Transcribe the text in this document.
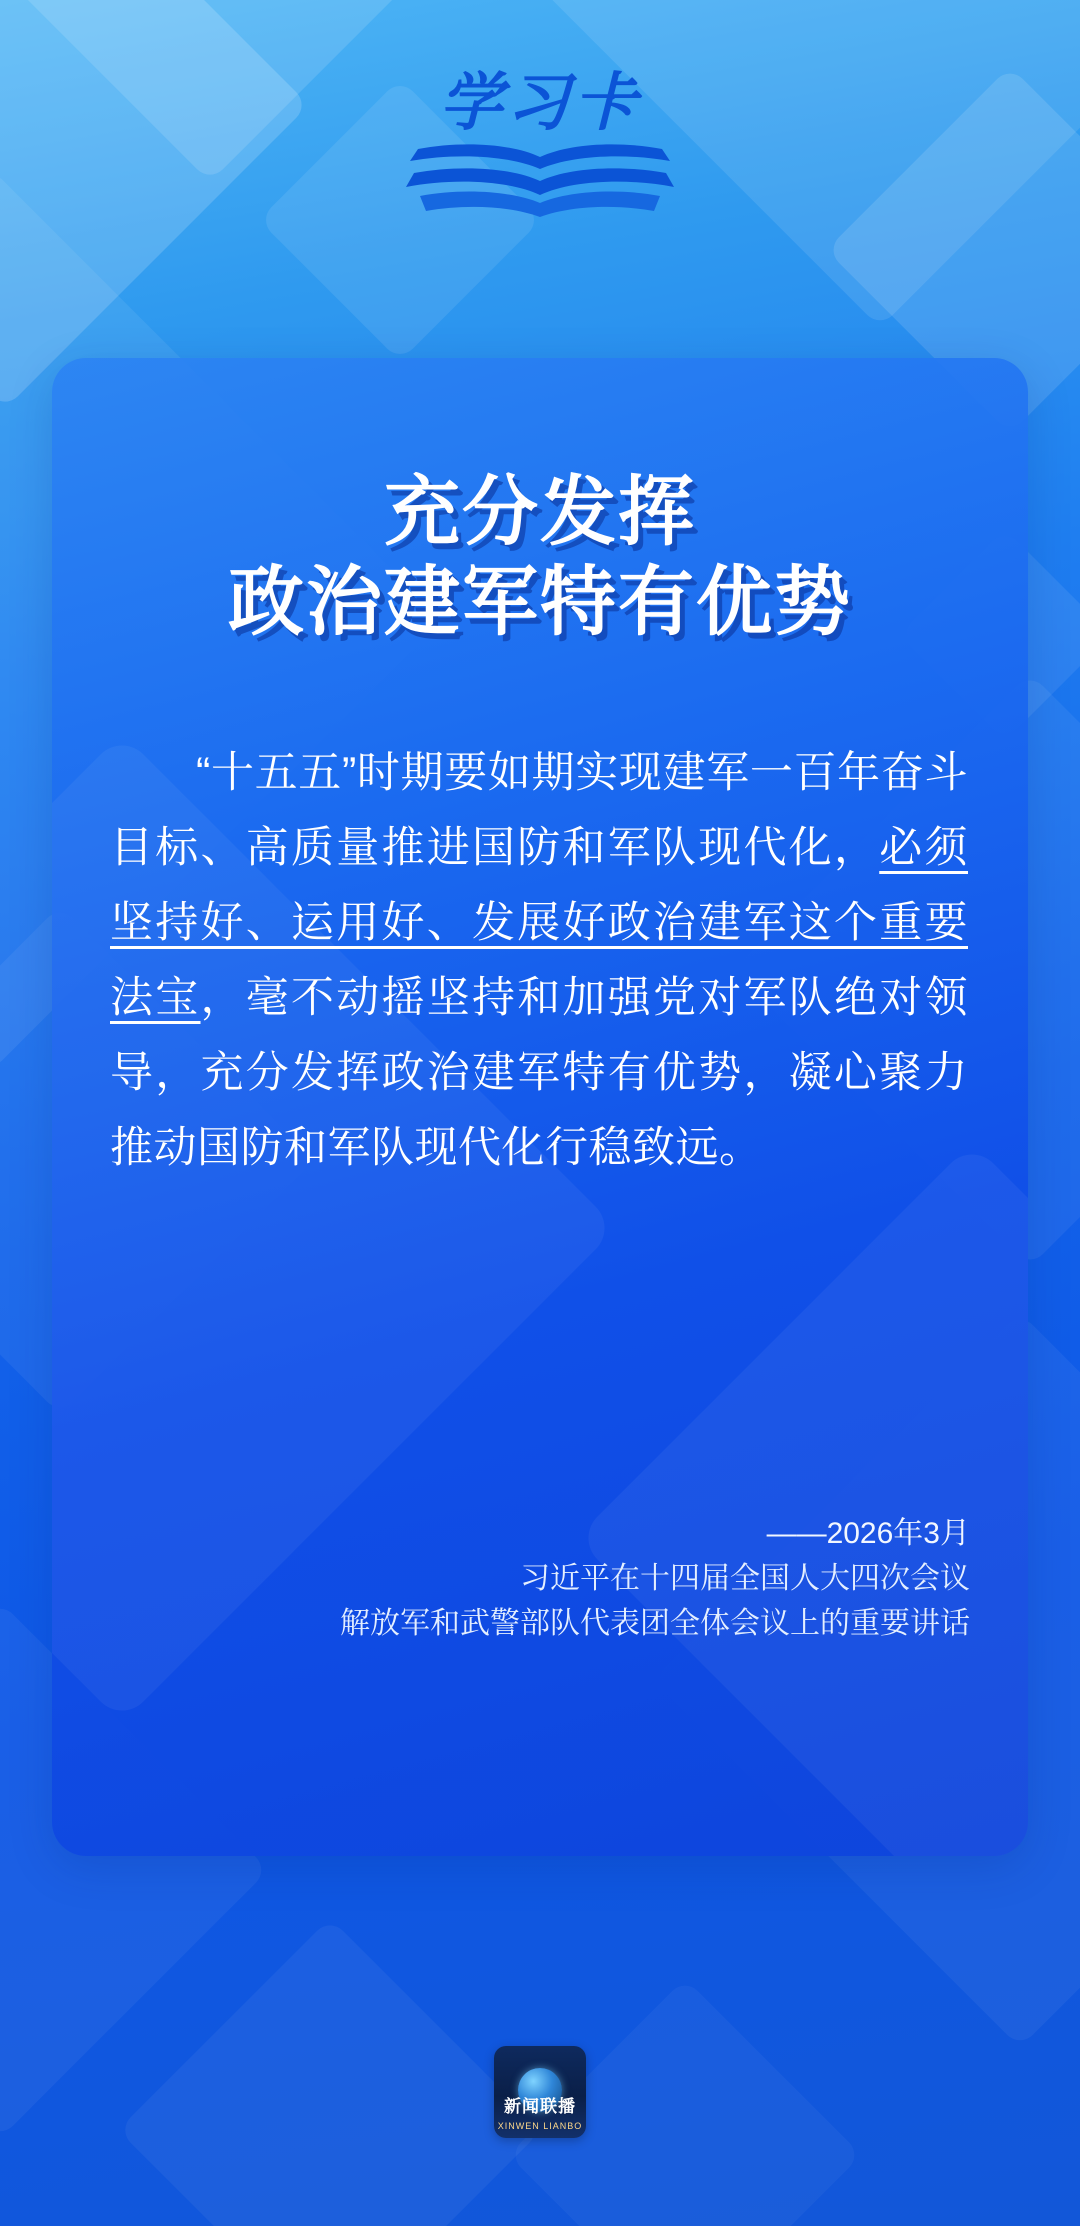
学习卡
充分发挥
政治建军特有优势
“十五五”时期要如期实现建军一百年奋斗目标、高质量推进国防和军队现代化，必须坚持好、运用好、发展好政治建军这个重要法宝，毫不动摇坚持和加强党对军队绝对领导，充分发挥政治建军特有优势，凝心聚力推动国防和军队现代化行稳致远。
——2026年3月
习近平在十四届全国人大四次会议
解放军和武警部队代表团全体会议上的重要讲话
新闻联播
XINWEN LIANBO
